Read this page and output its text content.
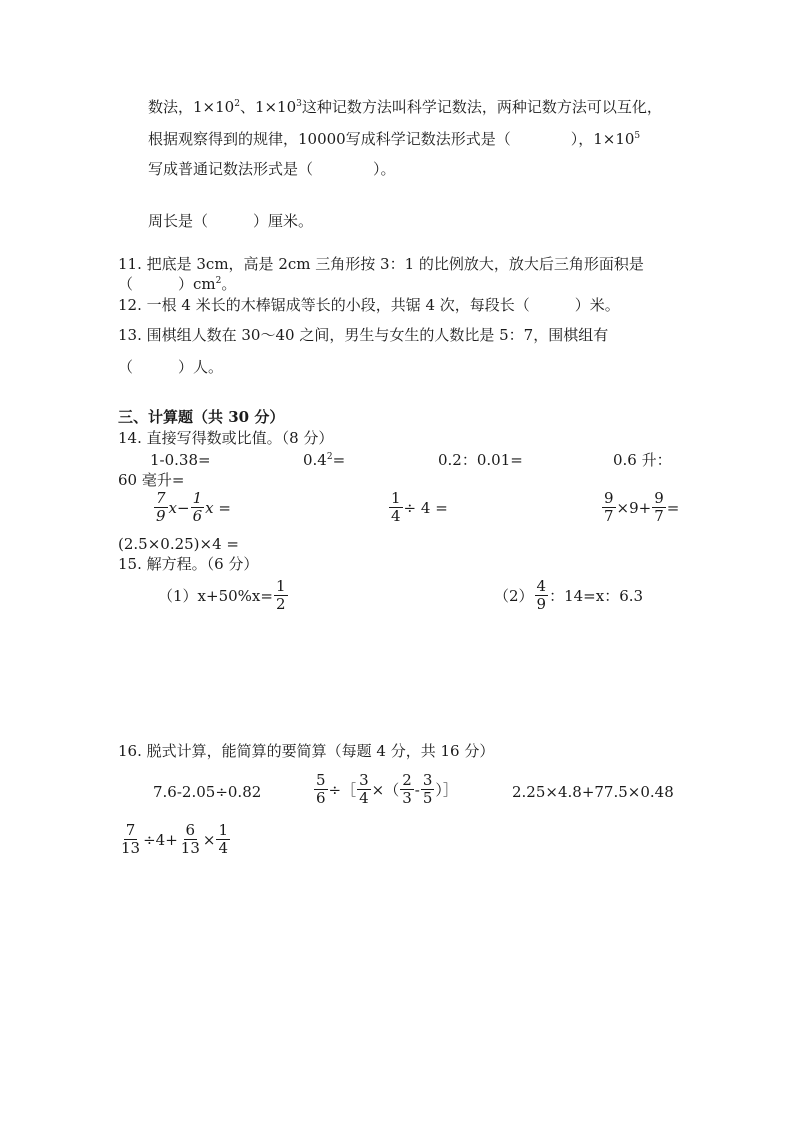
数法，$1\times 10^2$、$1\times 10^3$这种记数方法叫科学记数法，两种记数方法可以互化，
根据观察得到的规律，10000写成科学记数法形式是（　　　　），$1\times 10^5$
写成普通记数法形式是（　　　　）。
周长是（　　　）厘米。
11. 把底是 3cm，高是 2cm 三角形按 3：1 的比例放大，放大后三角形面积是
（　　　）$cm^2$。
12. 一根 4 米长的木棒锯成等长的小段，共锯 4 次，每段长（　　　）米。
13. 围棋组人数在 30～40 之间，男生与女生的人数比是 5：7，围棋组有
（　　　）人。
三、计算题（共 30 分）
14. 直接写得数或比值。（8 分）
1-0.38=	$0.4^2=$	0.2：0.01=	0.6 升：
60 毫升=
$\frac{7}{9} x- \frac{1}{6}$ x =	$\frac{1}{4} \div 4$ =	$\frac{9}{7} \times 9+ \frac{9}{7}$ =
(2.5×0.25)×4 =
15. 解方程。（6 分）
$(1)x+50\%x= \frac{1}{2}$	$(2) \frac{4}{9}$ ：14=x：6.3
16. 脱式计算，能简算的要简算（每题 4 分，共 16 分）
7.6-2.05÷0.82	$\frac{5}{6}$ ÷［ $\frac{3}{4}$ ×（ $\frac{2}{3} - \frac{3}{5}$ ）］	2.25×4.8+77.5×0.48
$\frac{7}{13} \div 4+ \frac{6}{13} \times \frac{1}{4}$
